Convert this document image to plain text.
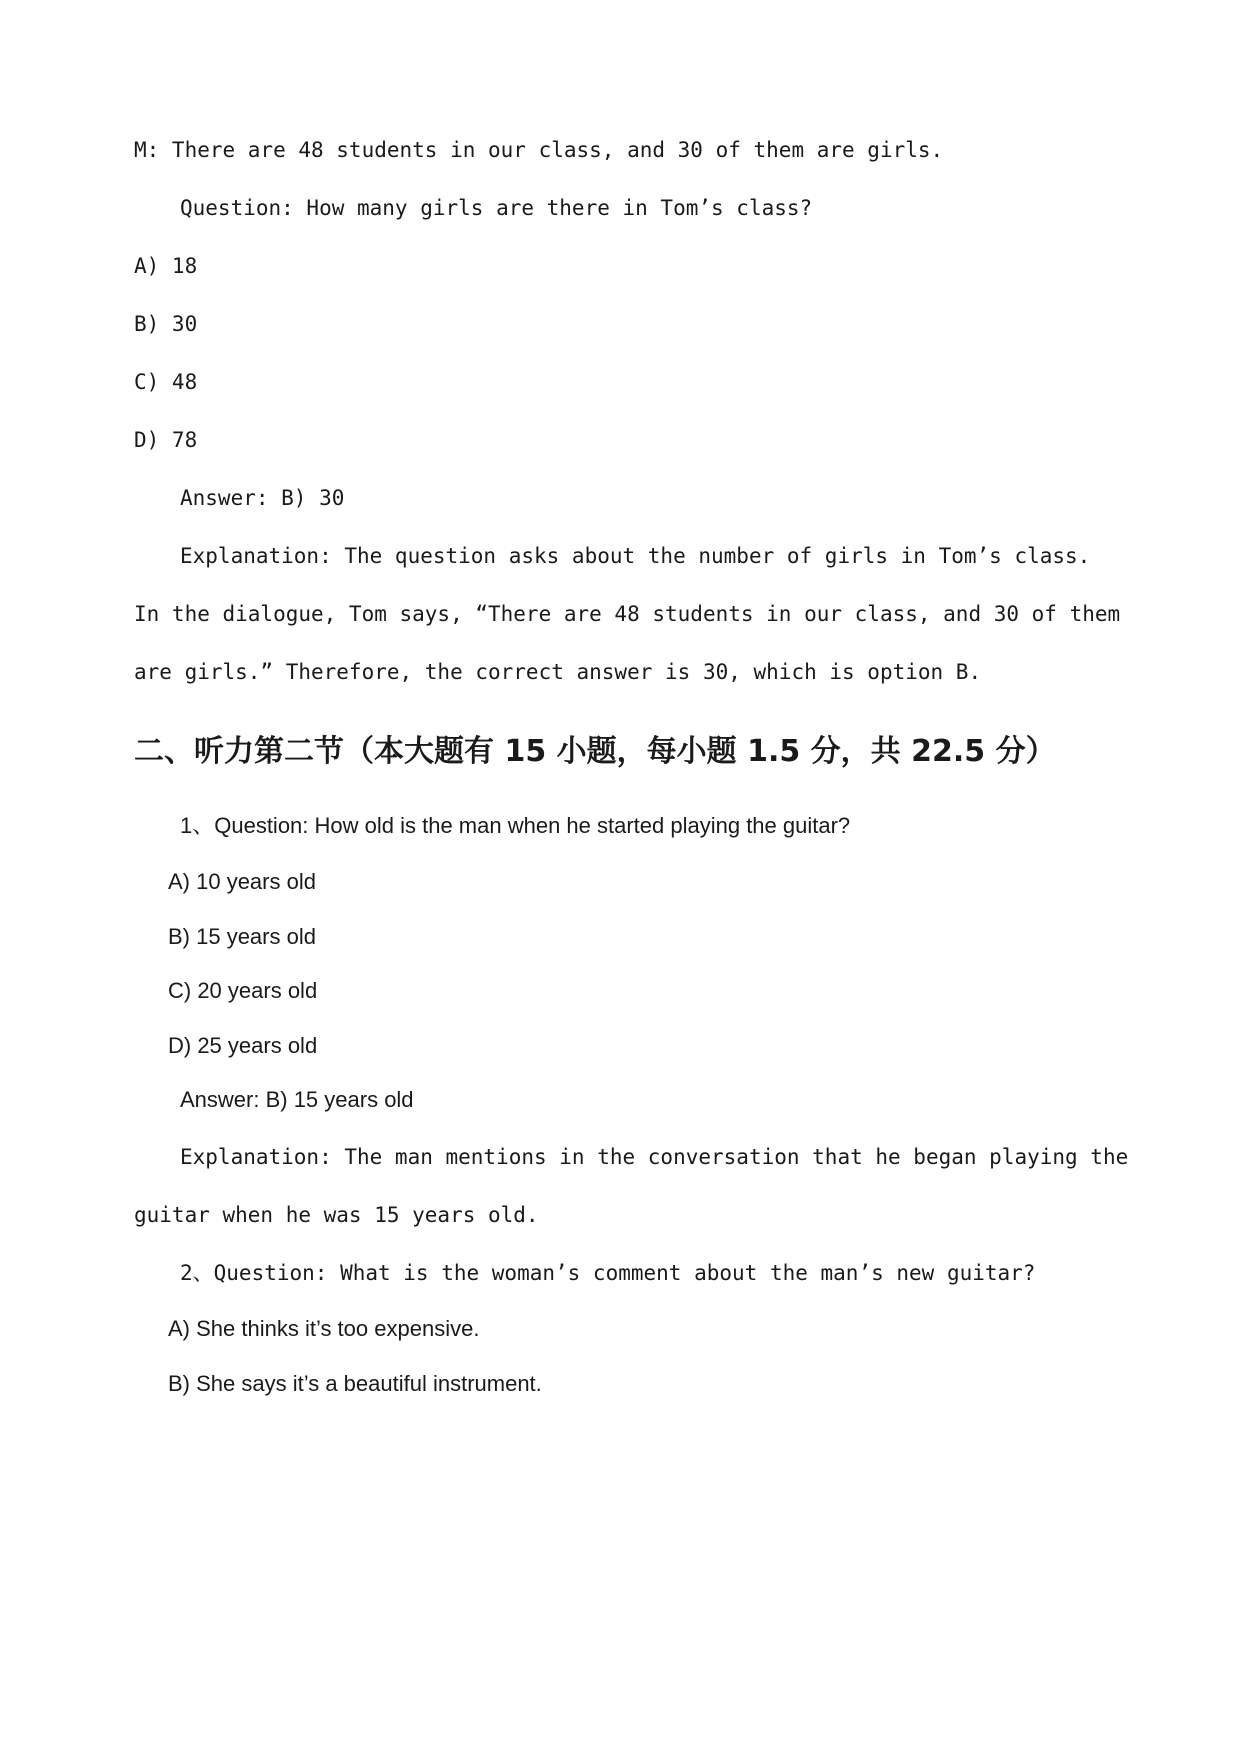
M: There are 48 students in our class, and 30 of them are girls.
Question: How many girls are there in Tom’s class?
A) 18
B) 30
C) 48
D) 78
Answer: B) 30
Explanation: The question asks about the number of girls in Tom’s class.
In the dialogue, Tom says, “There are 48 students in our class, and 30 of them
are girls.” Therefore, the correct answer is 30, which is option B.
二、听力第二节（本大题有 15 小题，每小题 1.5 分，共 22.5 分）
1、Question: How old is the man when he started playing the guitar?
A) 10 years old
B) 15 years old
C) 20 years old
D) 25 years old
Answer: B) 15 years old
Explanation: The man mentions in the conversation that he began playing the
guitar when he was 15 years old.
2、Question: What is the woman’s comment about the man’s new guitar?
A) She thinks it’s too expensive.
B) She says it’s a beautiful instrument.
